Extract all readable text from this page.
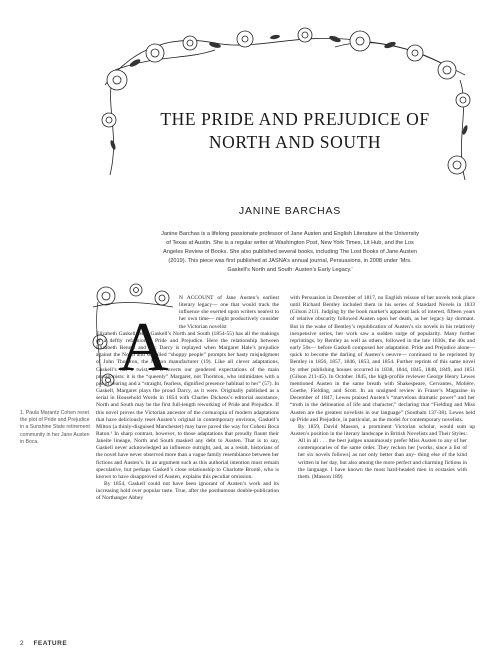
THE PRIDE AND PREJUDICE OF NORTH AND SOUTH
JANINE BARCHAS
Janine Barchas is a lifelong passionate professor of Jane Austen and English Literature at the University of Texas at Austin. She is a regular writer at Washington Post, New York Times, Lit Hub, and the Los Angeles Review of Books. She also published several books, including The Lost Books of Jane Austen (2019). This piece was first published at JASNA’s annual journal, Persuasions, in 2008 under ‘Mrs. Gaskell’s North and South: Austen’s Early Legacy.’
A

N ACCOUNT of Jane Austen’s earliest literary legacy— one that would track the influence she exerted upon writers nearest to her own time— might productively consider the Victorian novelist

Elizabeth Gaskell. Mrs. Gaskell’s North and South (1854-55) has all the makings of a deftly refashioned Pride and Prejudice. Here the relationship between Elizabeth Bennet and Mr. Darcy is replayed when Margaret Hale’s prejudice against the North and so-called “shoppy people” prompts her hasty misjudgment of John Thornton, the Milton manufacturer (19). Like all clever adaptations, Gaskell’s has a twist, as it inverts our gendered expectations of the main protagonists: it is the “queenly” Margaret, not Thornton, who intimidates with a proud bearing and a “straight, fearless, dignified presence habitual to her” (57). In Gaskell, Margaret plays the proud Darcy, as it were. Originally published as a serial in Household Words in 1854 with Charles Dickens’s editorial assistance, North and South may be the first full-length reworking of Pride and Prejudice. If this novel proves the Victorian ancestor of the cornucopia of modern adaptations that have deliciously reset Austen’s original in contemporary environs, Gaskell’s Milton (a thinly-disguised Manchester) may have paved the way for Coheni Boca Raton.¹ In sharp contrast, however, to those adaptations that proudly flaunt their Janeite lineage, North and South masked any debt to Austen. That is to say, Gaskell never acknowledged an influence outright, and, as a result, historians of the novel have never observed more than a vague family resemblance between her fictions and Austen’s. In an argument such as this authorial intention must remain speculative, but perhaps Gaskell’s close relationship to Charlotte Brontë, who is known to have disapproved of Austen, explains this peculiar omission.

By 1854, Gaskell could not have been ignorant of Austen’s work and its increasing hold over popular taste. True, after the posthumous double-publication of Northanger Abbey

with Persuasion in December of 1817, no English reissue of her novels took place until Richard Bentley included them in his series of Standard Novels in 1833 (Gilson 211). Judging by the book market’s apparent lack of interest, fifteen years of relative obscurity followed Austen upon her death, as her legacy lay dormant. But in the wake of Bentley’s republication of Austen’s six novels in his relatively inexpensive series, her work saw a sudden surge of popularity. Many further reprintings, by Bentley as well as others, followed in the late 1830s, the 40s and early 50s— before Gaskell composed her adaptation. Pride and Prejudice alone— quick to become the darling of Austen’s oeuvre— continued to be reprinted by Bentley in 1856, 1857, 1846, 1853, and 1854. Further reprints of this same novel by other publishing houses occurred in 1838, 1844, 1845, 1848, 1849, and 1851 (Gilson 211-45). In October 1845, the high-profile reviewer George Henry Lewes mentioned Austen in the same breath with Shakespeare, Cervantes, Molière, Goethe, Fielding, and Scott. In an unsigned review in Fraser’s Magazine in December of 1847, Lewes praised Austen’s “marvelous dramatic power” and her “truth in the delineation of life and character,” declaring that “Fielding and Miss Austen are the greatest novelists in our language” (Southam 137-38). Lewes held up Pride and Prejudice, in particular, as the model for contemporary novelists.

By 1859, David Masson, a prominent Victorian scholar, would sum up Austen’s position in the literary landscape in British Novelists and Their Styles:

All in all . . . the best judges unanimously prefer Miss Austen to any of her contemporaries of the same order. They reckon her [works, since a list of her six novels follows] as not only better than any- thing else of the kind written in her day, but also among the more perfect and charming fictions in the language. I have known the most hard-headed men in ecstasies with them. (Masson 189)

1. Paula Marantz Cohen reset the plot of Pride and Prejudice in a Sunshine State retirement community in her Jane Austen in Boca.
2 FEATURE
